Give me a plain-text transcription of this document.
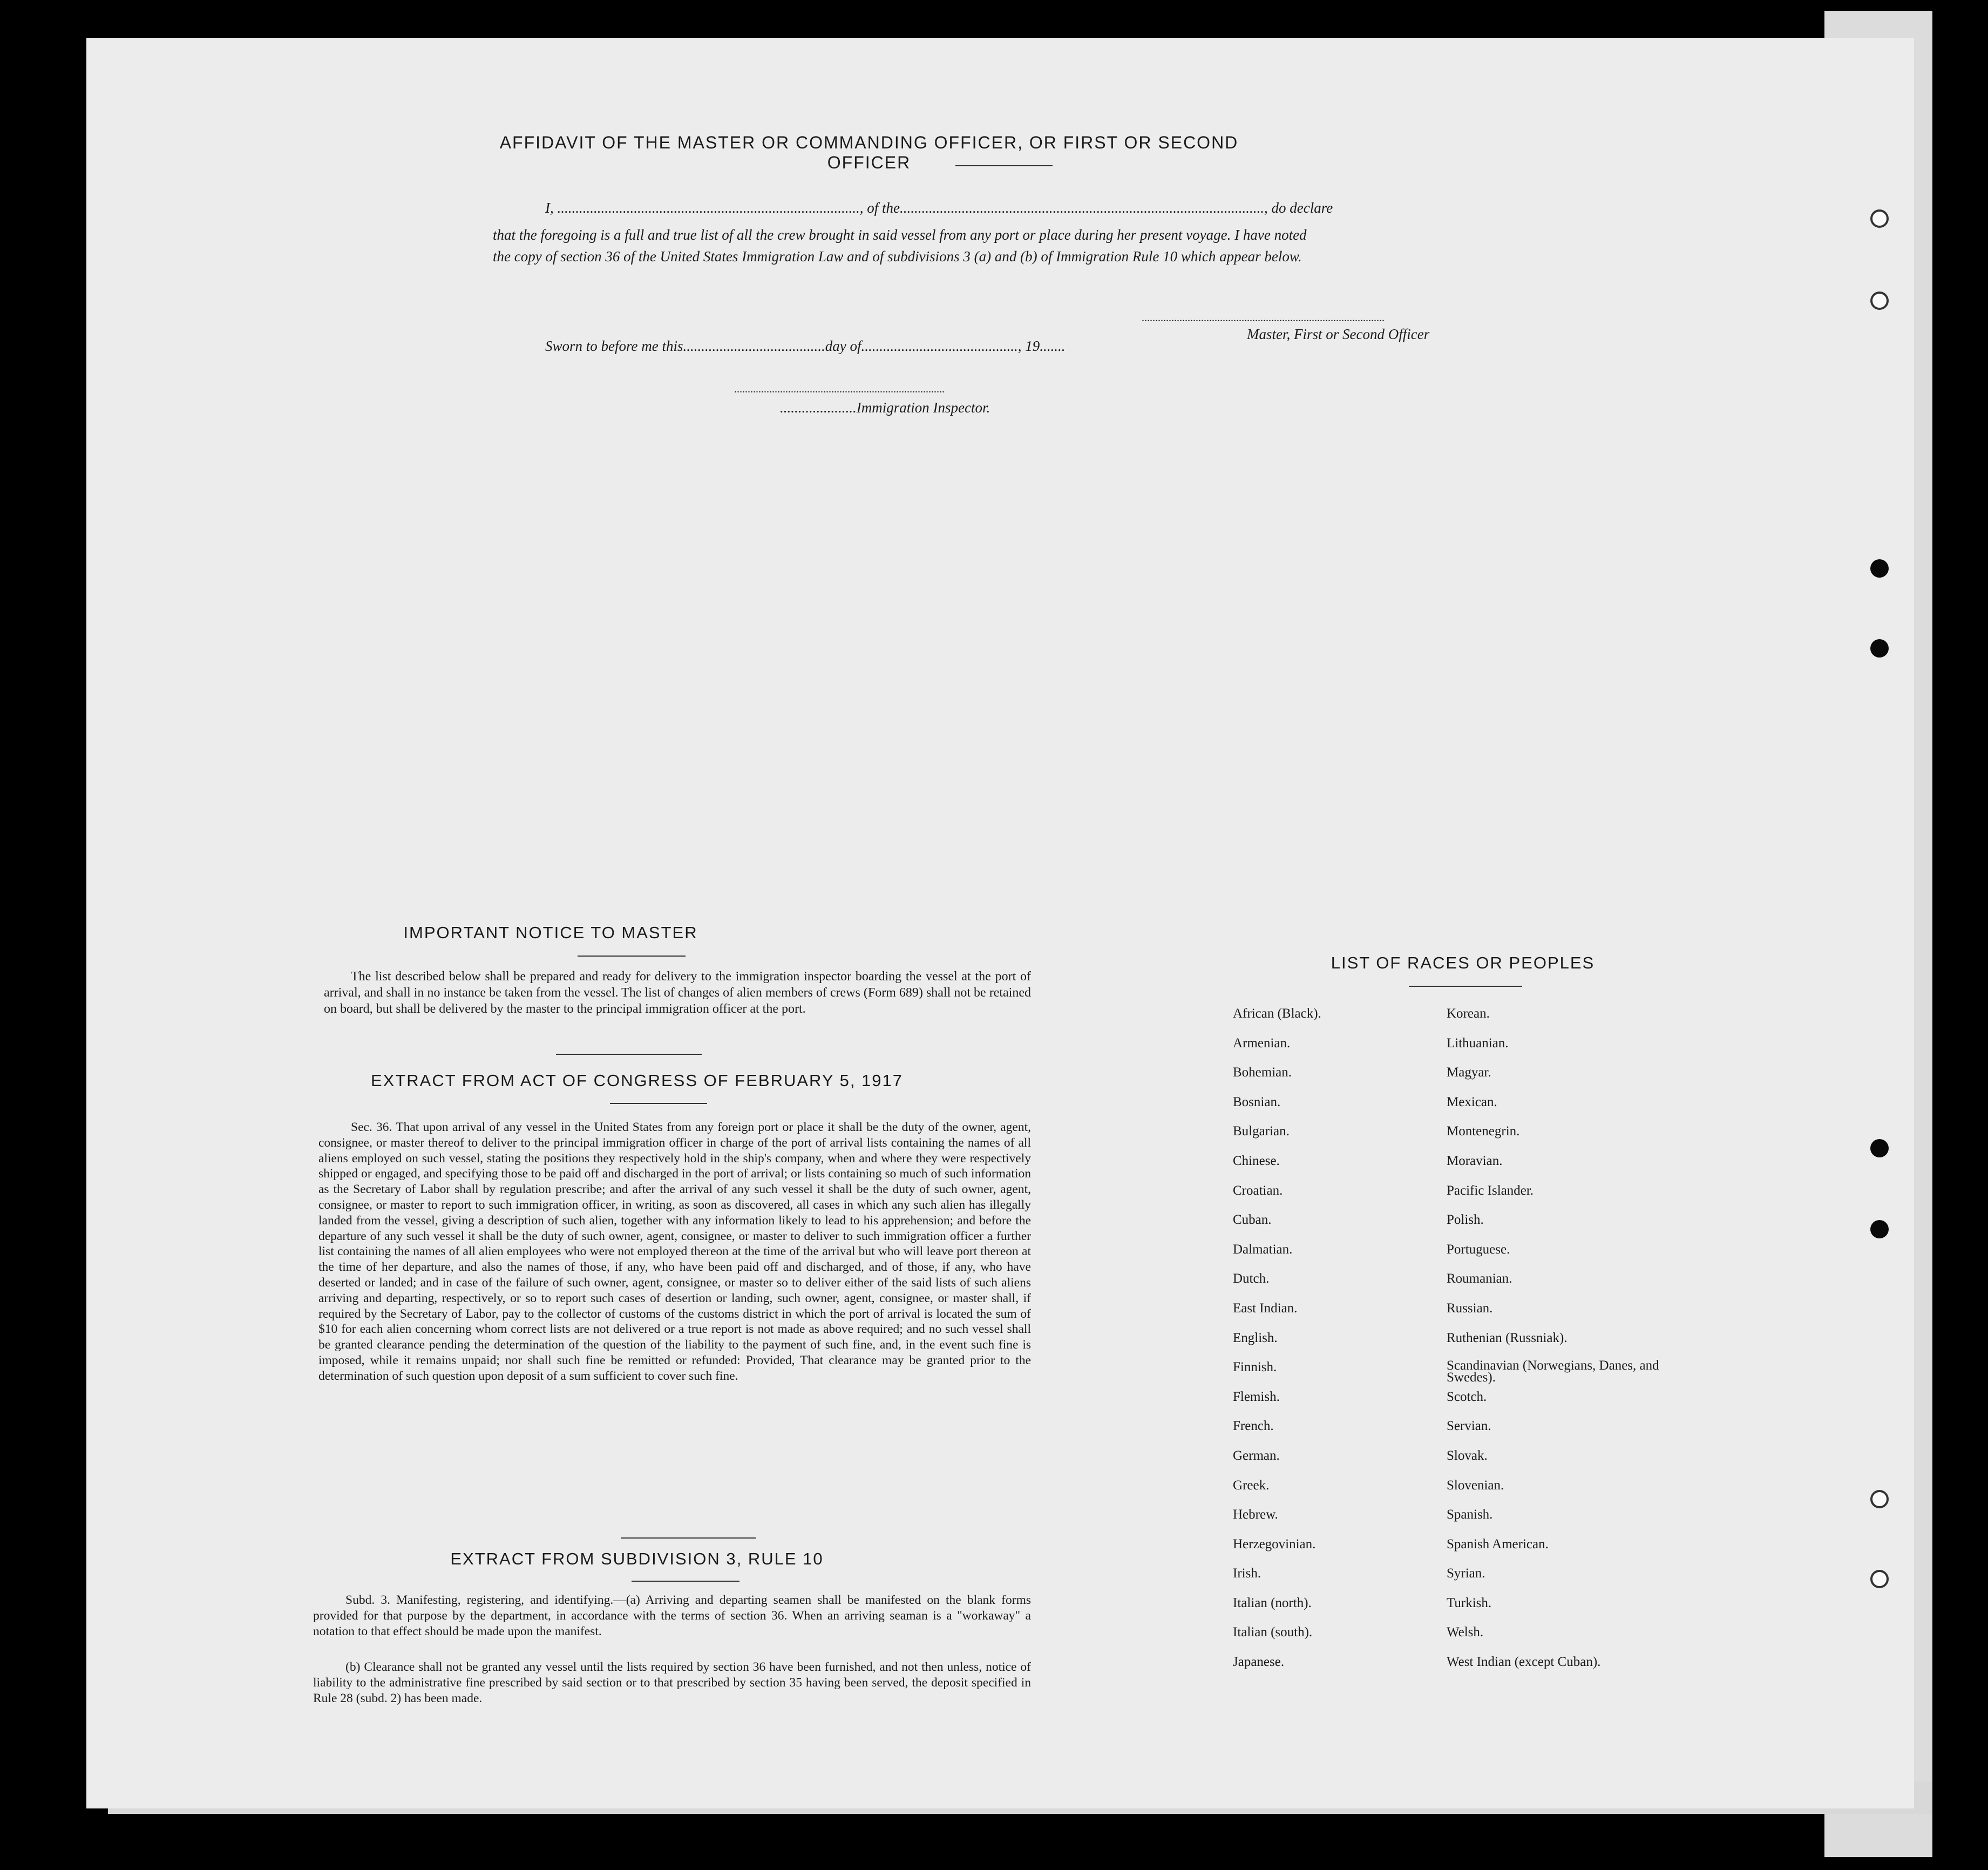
AFFIDAVIT OF THE MASTER OR COMMANDING OFFICER, OR FIRST OR SECOND OFFICER
I, ..................................................................................., of the...................................................................................................., do declare
that the foregoing is a full and true list of all the crew brought in said vessel from any port or place during her present voyage. I have noted
the copy of section 36 of the United States Immigration Law and of subdivisions 3 (a) and (b) of Immigration Rule 10 which appear below.
..........................................................................................
Master, First or Second Officer
Sworn to before me this.......................................day of..........................................., 19.......
..............................................................................
.....................Immigration Inspector.
IMPORTANT NOTICE TO MASTER
The list described below shall be prepared and ready for delivery to the immigration inspector boarding the vessel at the port of arrival, and shall in no instance be taken from the vessel. The list of changes of alien members of crews (Form 689) shall not be retained on board, but shall be delivered by the master to the principal immigration officer at the port.
EXTRACT FROM ACT OF CONGRESS OF FEBRUARY 5, 1917
Sec. 36. That upon arrival of any vessel in the United States from any foreign port or place it shall be the duty of the owner, agent, consignee, or master thereof to deliver to the principal immigration officer in charge of the port of arrival lists containing the names of all aliens employed on such vessel, stating the positions they respectively hold in the ship's company, when and where they were respectively shipped or engaged, and specifying those to be paid off and discharged in the port of arrival; or lists containing so much of such information as the Secretary of Labor shall by regulation prescribe; and after the arrival of any such vessel it shall be the duty of such owner, agent, consignee, or master to report to such immigration officer, in writing, as soon as discovered, all cases in which any such alien has illegally landed from the vessel, giving a description of such alien, together with any information likely to lead to his apprehension; and before the departure of any such vessel it shall be the duty of such owner, agent, consignee, or master to deliver to such immigration officer a further list containing the names of all alien employees who were not employed thereon at the time of the arrival but who will leave port thereon at the time of her departure, and also the names of those, if any, who have been paid off and discharged, and of those, if any, who have deserted or landed; and in case of the failure of such owner, agent, consignee, or master so to deliver either of the said lists of such aliens arriving and departing, respectively, or so to report such cases of desertion or landing, such owner, agent, consignee, or master shall, if required by the Secretary of Labor, pay to the collector of customs of the customs district in which the port of arrival is located the sum of $10 for each alien concerning whom correct lists are not delivered or a true report is not made as above required; and no such vessel shall be granted clearance pending the determination of the question of the liability to the payment of such fine, and, in the event such fine is imposed, while it remains unpaid; nor shall such fine be remitted or refunded: Provided, That clearance may be granted prior to the determination of such question upon deposit of a sum sufficient to cover such fine.
EXTRACT FROM SUBDIVISION 3, RULE 10
Subd. 3. Manifesting, registering, and identifying.—(a) Arriving and departing seamen shall be manifested on the blank forms provided for that purpose by the department, in accordance with the terms of section 36. When an arriving seaman is a "workaway" a notation to that effect should be made upon the manifest.
(b) Clearance shall not be granted any vessel until the lists required by section 36 have been furnished, and not then unless, notice of liability to the administrative fine prescribed by said section or to that prescribed by section 35 having been served, the deposit specified in Rule 28 (subd. 2) has been made.
LIST OF RACES OR PEOPLES
African (Black).
Armenian.
Bohemian.
Bosnian.
Bulgarian.
Chinese.
Croatian.
Cuban.
Dalmatian.
Dutch.
East Indian.
English.
Finnish.
Flemish.
French.
German.
Greek.
Hebrew.
Herzegovinian.
Irish.
Italian (north).
Italian (south).
Japanese.
Korean.
Lithuanian.
Magyar.
Mexican.
Montenegrin.
Moravian.
Pacific Islander.
Polish.
Portuguese.
Roumanian.
Russian.
Ruthenian (Russniak).
Scandinavian (Norwegians, Danes, and Swedes).
Scotch.
Servian.
Slovak.
Slovenian.
Spanish.
Spanish American.
Syrian.
Turkish.
Welsh.
West Indian (except Cuban).
